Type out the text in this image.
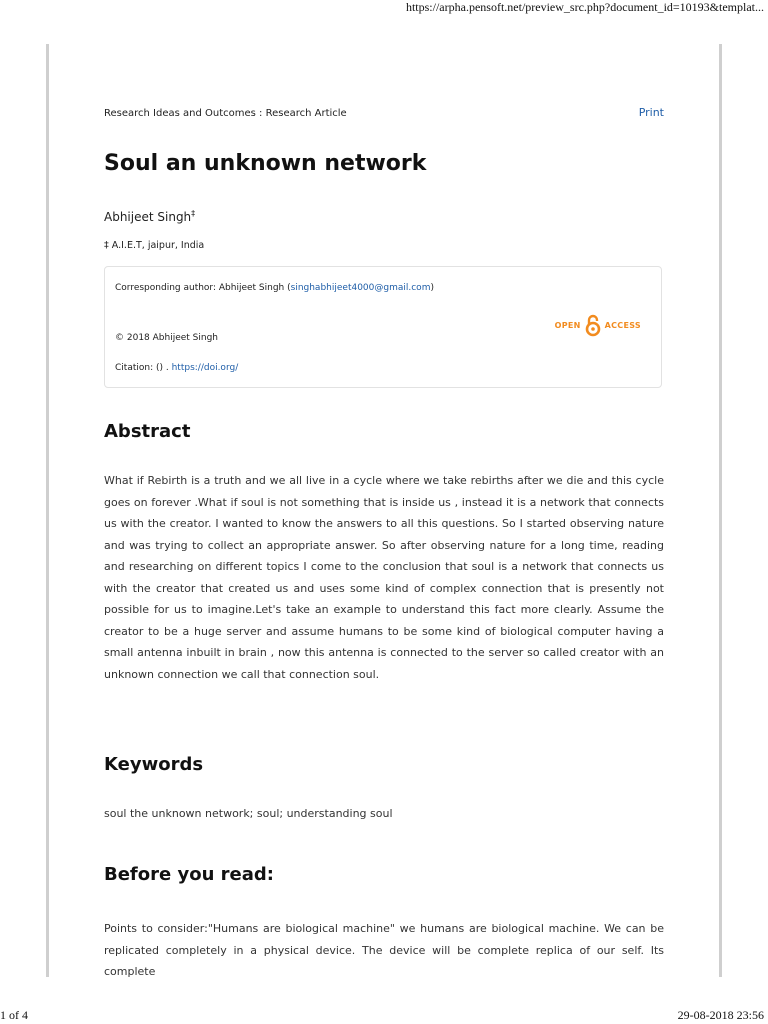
https://arpha.pensoft.net/preview_src.php?document_id=10193&templat...
Research Ideas and Outcomes : Research Article	Print
Soul an unknown network
Abhijeet Singh‡
‡ A.I.E.T, jaipur, India
Corresponding author: Abhijeet Singh (singhabhijeet4000@gmail.com)
OPEN	ACCESS
© 2018 Abhijeet Singh
Citation: () . https://doi.org/
Abstract

What if Rebirth is a truth and we all live in a cycle where we take rebirths after we die and this cycle goes on forever .What if soul is not something that is inside us , instead it is a network that connects us with the creator. I wanted to know the answers to all this questions. So I started observing nature and was trying to collect an appropriate answer. So after observing nature for a long time, reading and researching on different topics I come to the conclusion that soul is a network that connects us with the creator that created us and uses some kind of complex connection that is presently not possible for us to imagine.Let's take an example to understand this fact more clearly. Assume the creator to be a huge server and assume humans to be some kind of biological computer having a small antenna inbuilt in brain , now this antenna is connected to the server so called creator with an unknown connection we call that connection soul.

Keywords

soul the unknown network; soul; understanding soul

Before you read:

Points to consider:"Humans are biological machine" we humans are biological machine. We can be replicated completely in a physical device. The device will be complete replica of our self. Its complete

1 of 4	29-08-2018 23:56
